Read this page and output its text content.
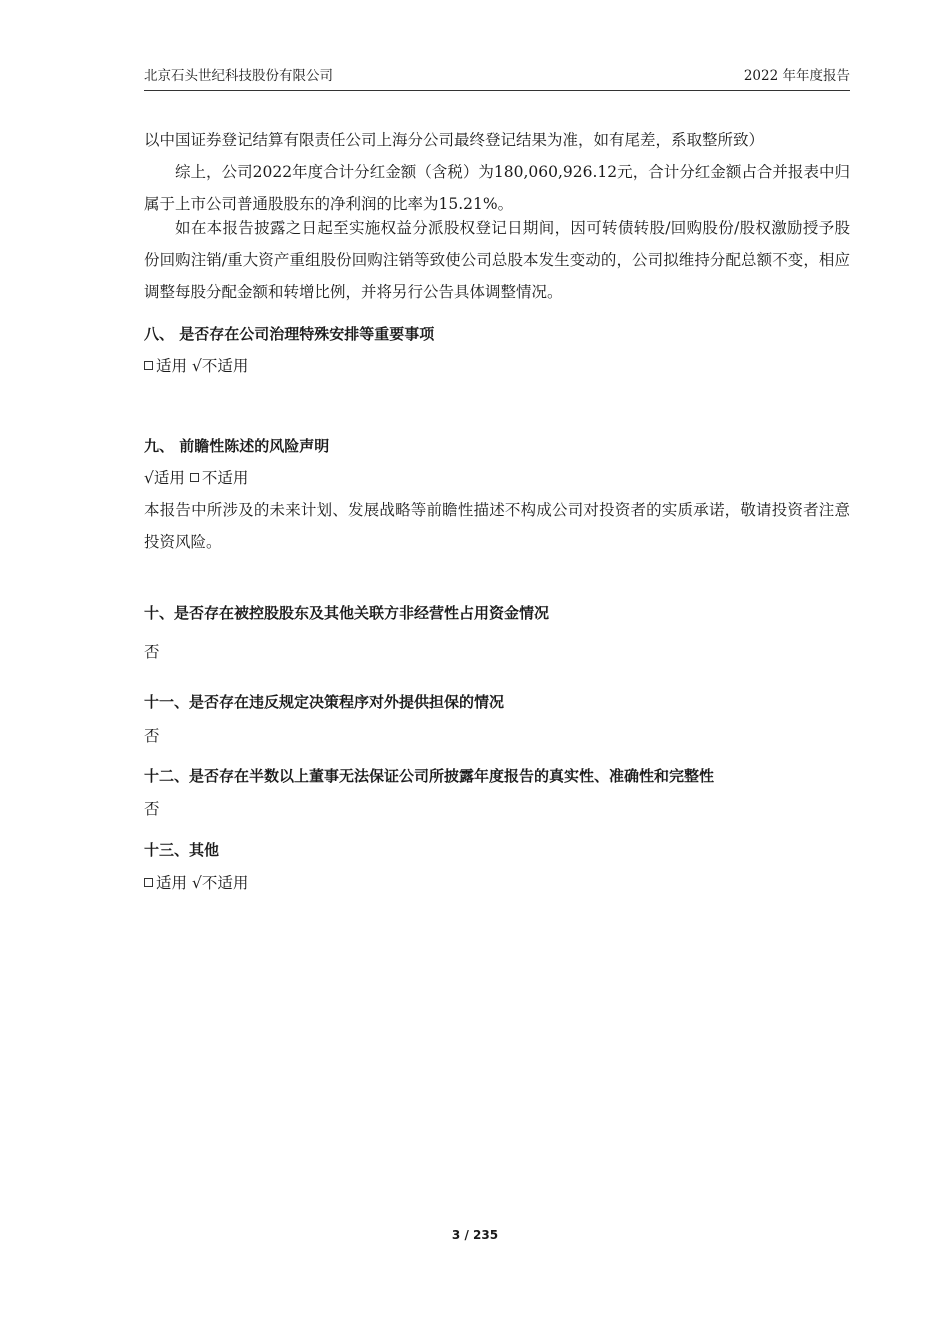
北京石头世纪科技股份有限公司	2022 年年度报告

以中国证券登记结算有限责任公司上海分公司最终登记结果为准，如有尾差，系取整所致）

综上，公司2022年度合计分红金额（含税）为180,060,926.12元，合计分红金额占合并报表中归属于上市公司普通股股东的净利润的比率为15.21%。

如在本报告披露之日起至实施权益分派股权登记日期间，因可转债转股/回购股份/股权激励授予股份回购注销/重大资产重组股份回购注销等致使公司总股本发生变动的，公司拟维持分配总额不变，相应调整每股分配金额和转增比例，并将另行公告具体调整情况。

八、 是否存在公司治理特殊安排等重要事项

适用 √不适用

九、 前瞻性陈述的风险声明

√适用 不适用

本报告中所涉及的未来计划、发展战略等前瞻性描述不构成公司对投资者的实质承诺，敬请投资者注意投资风险。

十、是否存在被控股股东及其他关联方非经营性占用资金情况

否

十一、是否存在违反规定决策程序对外提供担保的情况

否

十二、是否存在半数以上董事无法保证公司所披露年度报告的真实性、准确性和完整性

否

十三、其他

适用 √不适用

3 / 235
